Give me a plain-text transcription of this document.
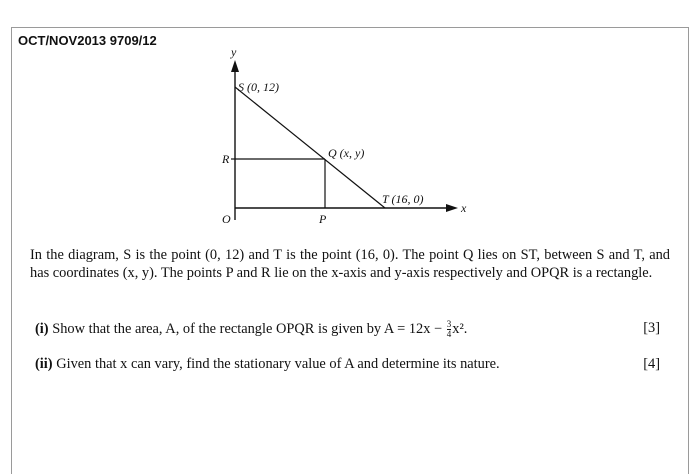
OCT/NOV2013 9709/12
y
x
S (0, 12)
Q (x, y)
T (16, 0)
R
P
O
In the diagram, S is the point (0, 12) and T is the point (16, 0). The point Q lies on ST, between S and T, and has coordinates (x, y). The points P and R lie on the x-axis and y-axis respectively and OPQR is a rectangle.
(i) Show that the area, A, of the rectangle OPQR is given by $A = 12x - \frac{3}{4} x^2$.	[3]
(ii) Given that x can vary, find the stationary value of A and determine its nature.	[4]
